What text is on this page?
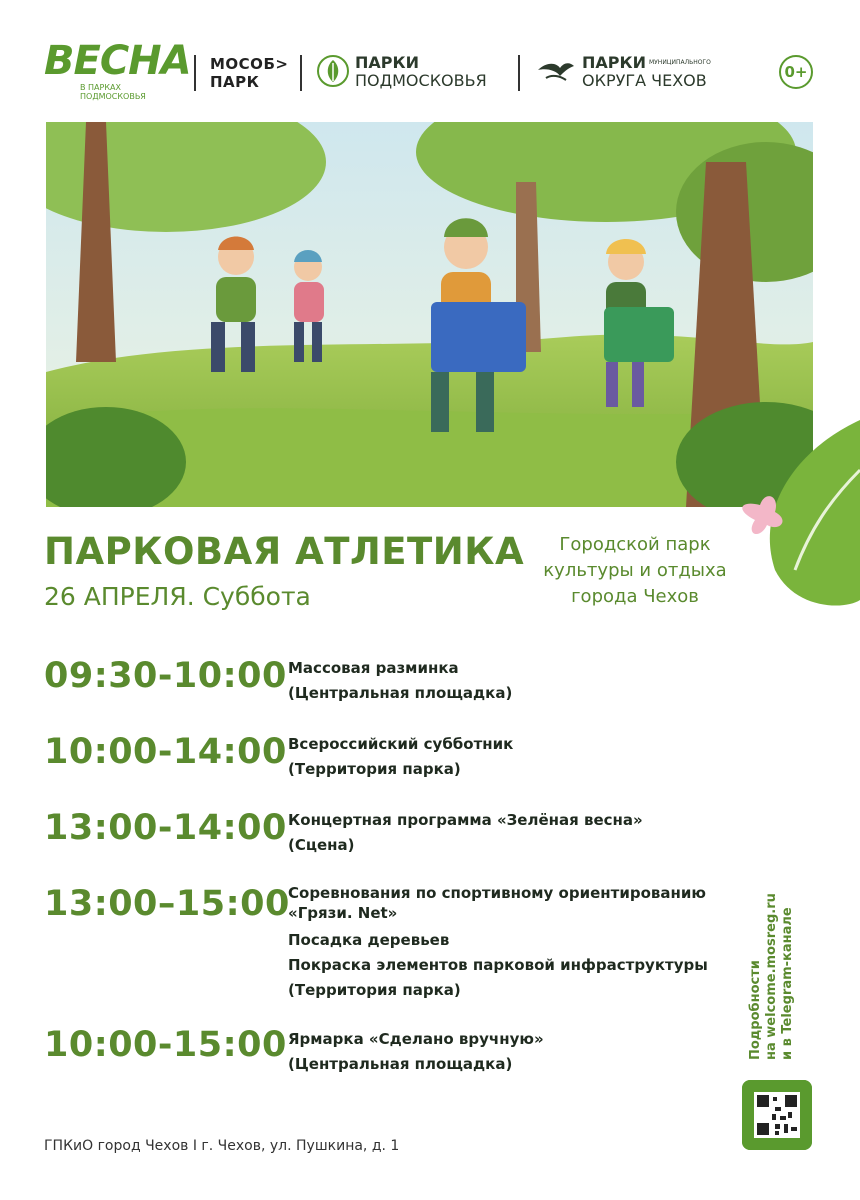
ВЕСНА
В ПАРКАХ
ПОДМОСКОВЬЯ
МОСОБ>
ПАРК
ПАРКИ
ПОДМОСКОВЬЯ
ПАРКИ $^{МУНИЦИПАЛЬНОГО}$
ОКРУГА ЧЕХОВ	0+
ПАРКОВАЯ АТЛЕТИКА
26 АПРЕЛЯ. Суббота
Городской парк
культуры и отдыха
города Чехов
09:30-10:00 Массовая разминка
(Центральная площадка)
10:00-14:00 Всероссийский субботник
(Территория парка)
13:00-14:00 Концертная программа «Зелёная весна»
(Сцена)
13:00–15:00
Соревнования по спортивному ориентированию
«Грязи. Net»
Посадка деревьев
Покраска элементов парковой инфраструктуры
(Территория парка)
10:00-15:00 Ярмарка «Сделано вручную»
(Центральная площадка)
Подробности на welcome.mosreg.ru и в Telegram-канале
ГПКиО город Чехов I г. Чехов, ул. Пушкина, д. 1
